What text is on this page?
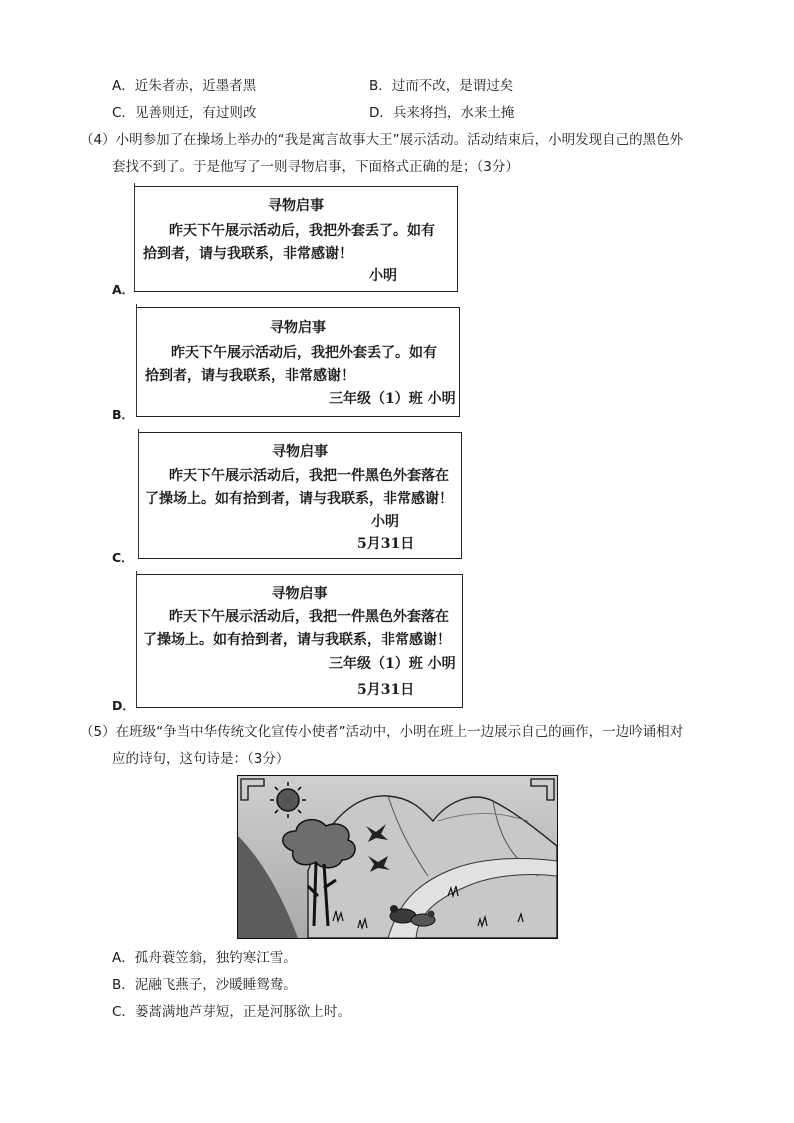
A．近朱者赤，近墨者黑	B．过而不改，是谓过矣
C．见善则迁，有过则改	D．兵来将挡，水来土掩
（4）小明参加了在操场上举办的“我是寓言故事大王”展示活动。活动结束后，小明发现自己的黑色外
套找不到了。于是他写了一则寻物启事，下面格式正确的是；（3分）
A．
寻物启事
昨天下午展示活动后，我把外套丢了。如有
拾到者，请与我联系，非常感谢！
小明
B．
寻物启事
昨天下午展示活动后，我把外套丢了。如有
拾到者，请与我联系，非常感谢！
三年级（1）班 小明
C．
寻物启事
昨天下午展示活动后，我把一件黑色外套落在
了操场上。如有拾到者，请与我联系，非常感谢！
小明
5月31日
D．
寻物启事
昨天下午展示活动后，我把一件黑色外套落在
了操场上。如有拾到者，请与我联系，非常感谢！
三年级（1）班 小明
5月31日
（5）在班级“争当中华传统文化宣传小使者”活动中，小明在班上一边展示自己的画作，一边吟诵相对
应的诗句，这句诗是：（3分）
A．孤舟蓑笠翁，独钓寒江雪。
B．泥融飞燕子，沙暖睡鸳鸯。
C．蒌蒿满地芦芽短，正是河豚欲上时。
